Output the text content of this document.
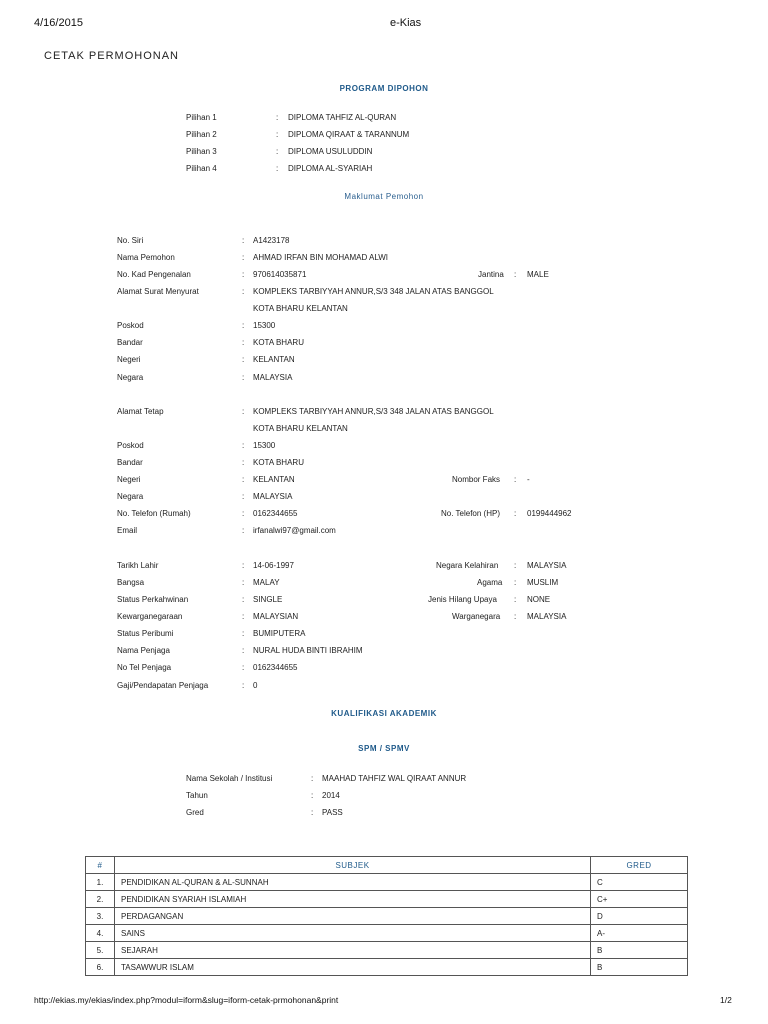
4/16/2015	e-Kias
CETAK PERMOHONAN
PROGRAM DIPOHON
Pilihan 1	: DIPLOMA TAHFIZ AL-QURAN
Pilihan 2	: DIPLOMA QIRAAT & TARANNUM
Pilihan 3	: DIPLOMA USULUDDIN
Pilihan 4	: DIPLOMA AL-SYARIAH
Maklumat Pemohon
No. Siri	: A1423178
Nama Pemohon	: AHMAD IRFAN BIN MOHAMAD ALWI
No. Kad Pengenalan	: 970614035871	Jantina : MALE
Alamat Surat Menyurat	: KOMPLEKS TARBIYYAH ANNUR,S/3 348 JALAN ATAS BANGGOL
KOTA BHARU KELANTAN
Poskod	: 15300
Bandar	: KOTA BHARU
Negeri	: KELANTAN
Negara	: MALAYSIA
Alamat Tetap	: KOMPLEKS TARBIYYAH ANNUR,S/3 348 JALAN ATAS BANGGOL
KOTA BHARU KELANTAN
Poskod	: 15300
Bandar	: KOTA BHARU
Negeri	: KELANTAN	Nombor Faks : -
Negara	: MALAYSIA
No. Telefon (Rumah)	: 0162344655	No. Telefon (HP) : 0199444962
Email	: irfanalwi97@gmail.com
Tarikh Lahir	: 14-06-1997	Negara Kelahiran : MALAYSIA
Bangsa	: MALAY	Agama : MUSLIM
Status Perkahwinan	: SINGLE	Jenis Hilang Upaya : NONE
Kewarganegaraan	: MALAYSIAN	Warganegara : MALAYSIA
Status Peribumi	: BUMIPUTERA
Nama Penjaga	: NURAL HUDA BINTI IBRAHIM
No Tel Penjaga	: 0162344655
Gaji/Pendapatan Penjaga	: 0
KUALIFIKASI AKADEMIK
SPM / SPMV
Nama Sekolah / Institusi	: MAAHAD TAHFIZ WAL QIRAAT ANNUR
Tahun	: 2014
Gred	: PASS
#	SUBJEK	GRED
1.	PENDIDIKAN AL-QURAN & AL-SUNNAH	C
2.	PENDIDIKAN SYARIAH ISLAMIAH	C+
3.	PERDAGANGAN	D
4.	SAINS	A-
5.	SEJARAH	B
6.	TASAWWUR ISLAM	B
http://ekias.my/ekias/index.php?modul=iform&slug=iform-cetak-prmohonan&print	1/2
